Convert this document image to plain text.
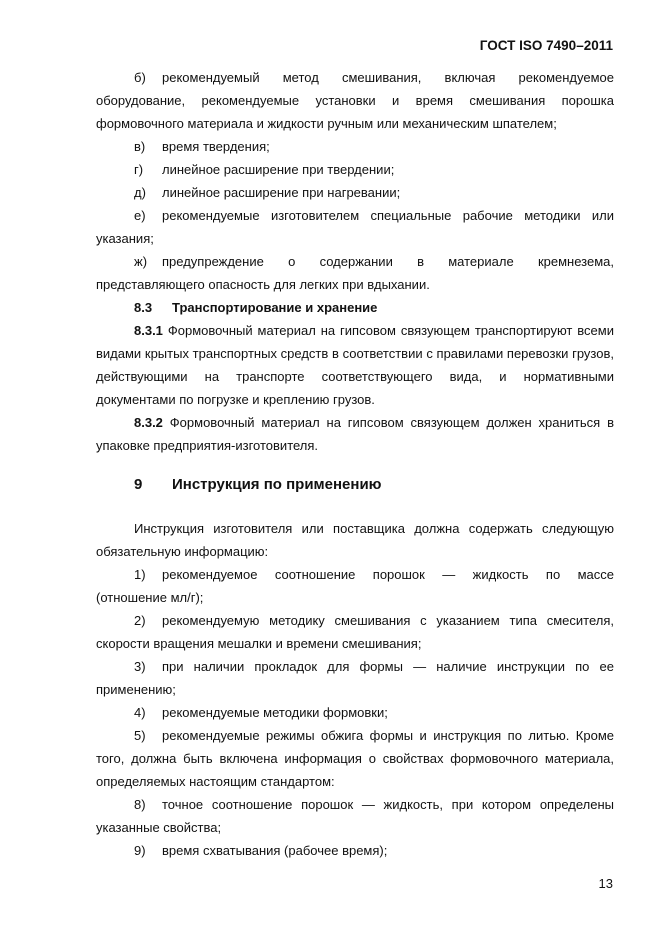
ГОСТ ISO 7490–2011
б)	рекомендуемый метод смешивания, включая рекомендуемое

оборудование, рекомендуемые установки и время смешивания порошка формовочного материала и жидкости ручным или механическим шпателем;

в)	время твердения;
г)	линейное расширение при твердении;
д)	линейное расширение при нагревании;
е)	рекомендуемые изготовителем специальные рабочие методики или

указания;

ж)	предупреждение о содержании в материале кремнезема,

представляющего опасность для легких при вдыхании.

8.3	Транспортирование и хранение

8.3.1 Формовочный материал на гипсовом связующем транспортируют всеми видами крытых транспортных средств в соответствии с правилами перевозки грузов, действующими на транспорте соответствующего вида, и нормативными документами по погрузке и креплению грузов.

8.3.2 Формовочный материал на гипсовом связующем должен храниться в упаковке предприятия-изготовителя.

9	Инструкция по применению

Инструкция изготовителя или поставщика должна содержать следующую обязательную информацию:

1)	рекомендуемое соотношение порошок — жидкость по массе

(отношение мл/г);

2)	рекомендуемую методику смешивания с указанием типа смесителя,

скорости вращения мешалки и времени смешивания;

3)	при наличии прокладок для формы — наличие инструкции по ее

применению;

4)	рекомендуемые методики формовки;
5)	рекомендуемые режимы обжига формы и инструкция по литью. Кроме

того, должна быть включена информация о свойствах формовочного материала, определяемых настоящим стандартом:

8)	точное соотношение порошок — жидкость, при котором определены

указанные свойства;

9)	время схватывания (рабочее время);
13
